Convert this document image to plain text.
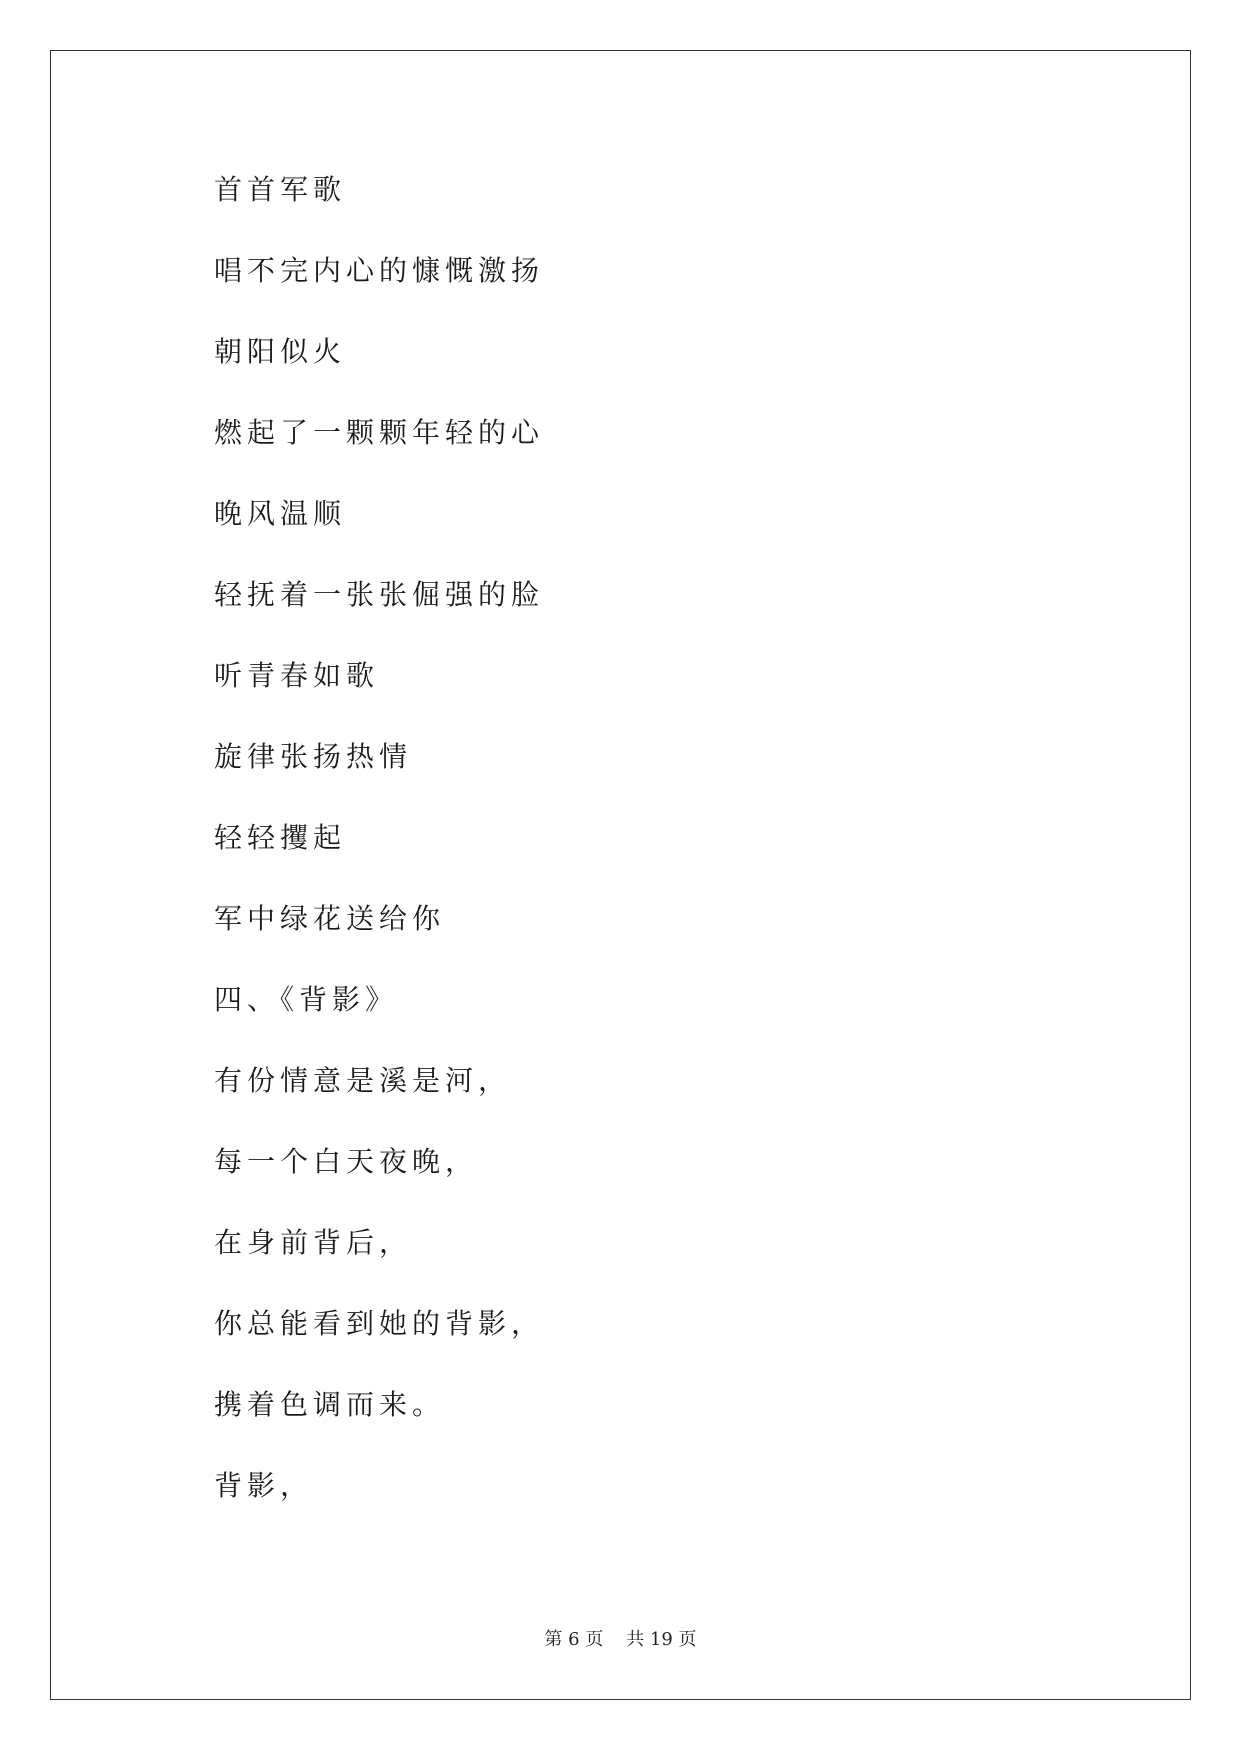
首首军歌
唱不完内心的慷慨激扬
朝阳似火
燃起了一颗颗年轻的心
晚风温顺
轻抚着一张张倔强的脸
听青春如歌
旋律张扬热情
轻轻攫起
军中绿花送给你
四、《背影》
有份情意是溪是河，
每一个白天夜晚，
在身前背后，
你总能看到她的背影，
携着色调而来。
背影，
第 6 页    共 19 页
